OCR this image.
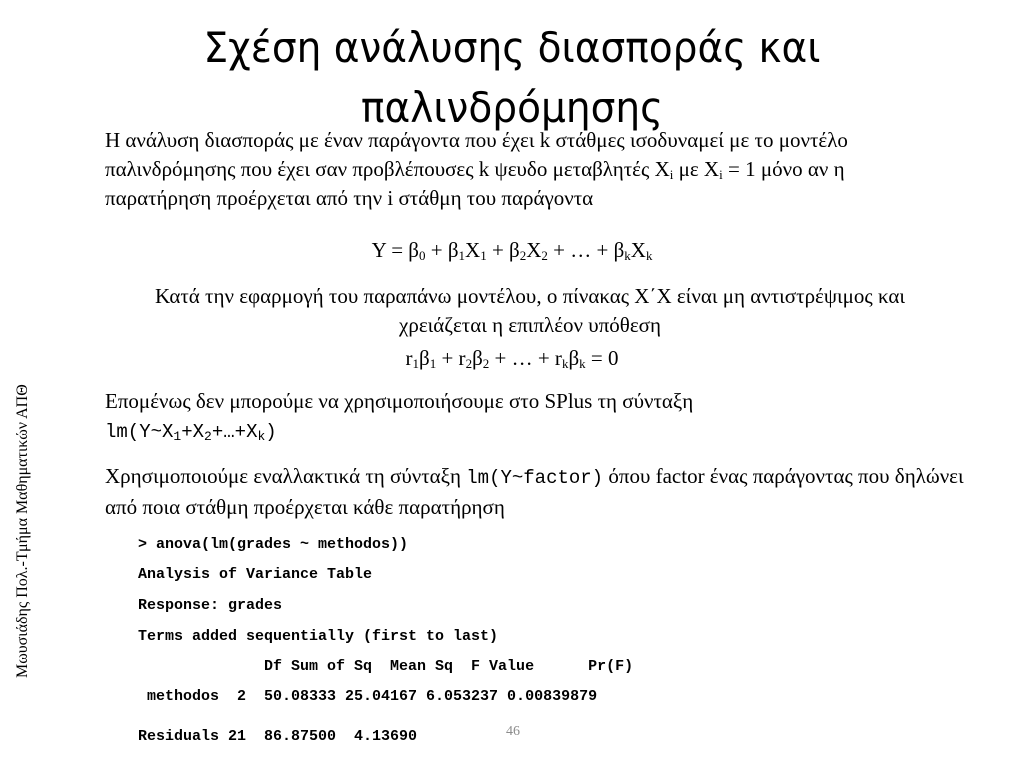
Σχέση ανάλυσης διασποράς και
παλινδρόμησης
Μωυσιάδης Πολ.-Τμήμα Μαθηματικών ΑΠΘ
Η ανάλυση διασποράς με έναν παράγοντα που έχει k στάθμες ισοδυναμεί με το μοντέλο παλινδρόμησης που έχει σαν προβλέπουσες k ψευδο μεταβλητές $X_i$ με $X_i = 1$ μόνο αν η παρατήρηση προέρχεται από την i στάθμη του παράγοντα
$Y = \beta_0 + \beta_1X_1 + \beta_2X_2$ + … + $\beta_kX_k$
Κατά την εφαρμογή του παραπάνω μοντέλου, ο πίνακας X΄X είναι μη αντιστρέψιμος και
χρειάζεται η επιπλέον υπόθεση
$r_1\beta_1 + r_2\beta_2$ + … + $r_k\beta_k = 0$
Επομένως δεν μπορούμε να χρησιμοποιήσουμε στο SPlus τη σύνταξη
$lm(Y\sim X_1+X_2+\dots+X_k)$
Χρησιμοποιούμε εναλλακτικά τη σύνταξη lm(Y~factor) όπου factor ένας παράγοντας που δηλώνει από ποια στάθμη προέρχεται κάθε παρατήρηση
> anova(lm(grades ~ methodos))
Analysis of Variance Table
Response: grades
Terms added sequentially (first to last)
Df Sum of Sq  Mean Sq  F Value      Pr(F)
methodos  2  50.08333 25.04167 6.053237 0.00839879
Residuals 21  86.87500  4.13690	46
